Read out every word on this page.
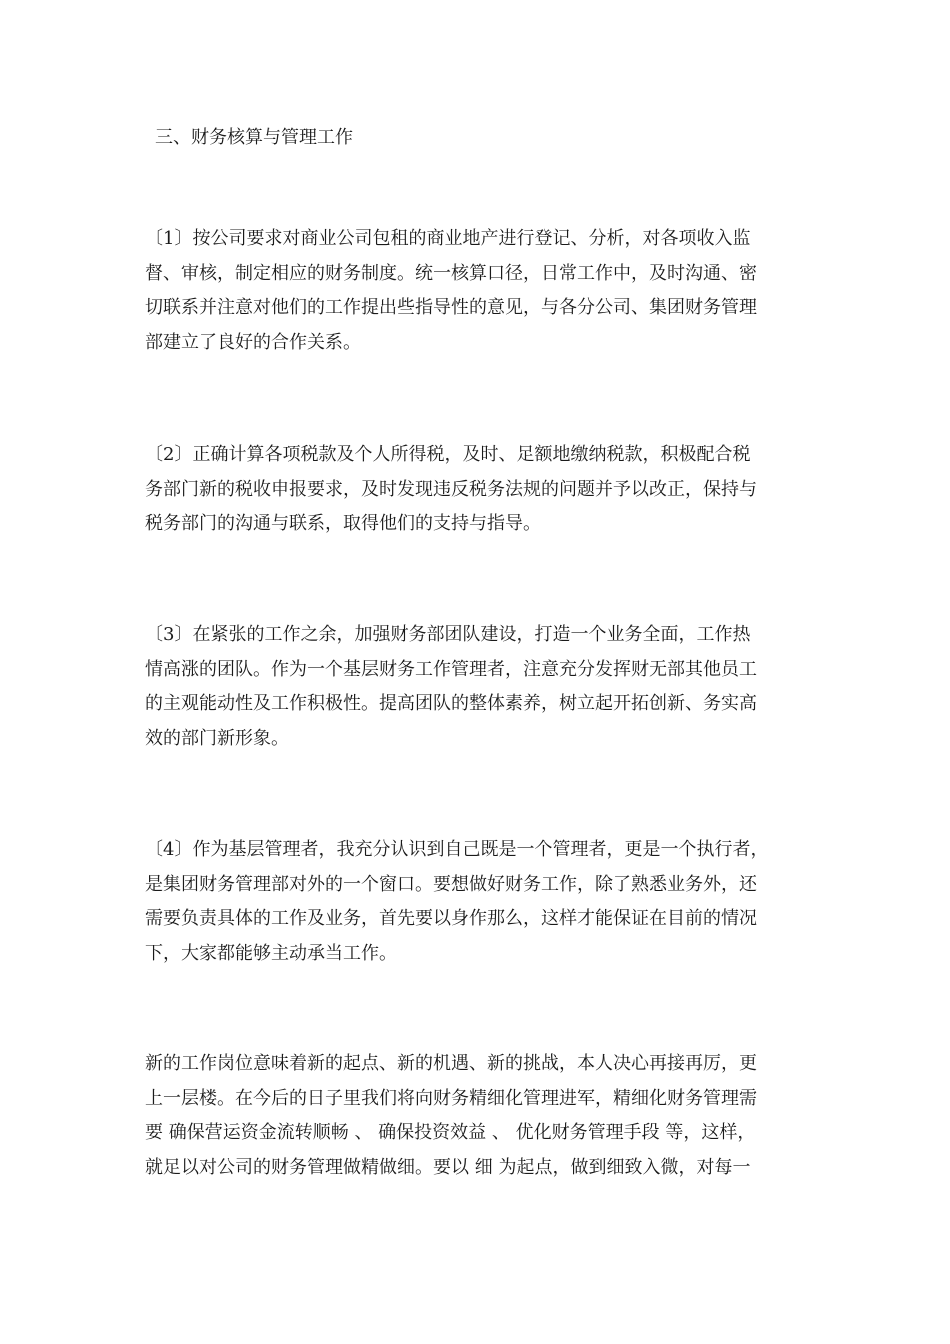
三、财务核算与管理工作
〔1〕按公司要求对商业公司包租的商业地产进行登记、分析，对各项收入监
督、审核，制定相应的财务制度。统一核算口径，日常工作中，及时沟通、密
切联系并注意对他们的工作提出些指导性的意见，与各分公司、集团财务管理
部建立了良好的合作关系。
〔2〕正确计算各项税款及个人所得税，及时、足额地缴纳税款，积极配合税
务部门新的税收申报要求，及时发现违反税务法规的问题并予以改正，保持与
税务部门的沟通与联系，取得他们的支持与指导。
〔3〕在紧张的工作之余，加强财务部团队建设，打造一个业务全面，工作热
情高涨的团队。作为一个基层财务工作管理者，注意充分发挥财无部其他员工
的主观能动性及工作积极性。提高团队的整体素养，树立起开拓创新、务实高
效的部门新形象。
〔4〕作为基层管理者，我充分认识到自己既是一个管理者，更是一个执行者，
是集团财务管理部对外的一个窗口。要想做好财务工作，除了熟悉业务外，还
需要负责具体的工作及业务，首先要以身作那么，这样才能保证在目前的情况
下，大家都能够主动承当工作。
新的工作岗位意味着新的起点、新的机遇、新的挑战，本人决心再接再厉，更
上一层楼。在今后的日子里我们将向财务精细化管理进军，精细化财务管理需
要 确保营运资金流转顺畅 、 确保投资效益 、 优化财务管理手段 等，这样，
就足以对公司的财务管理做精做细。要以 细 为起点，做到细致入微，对每一
